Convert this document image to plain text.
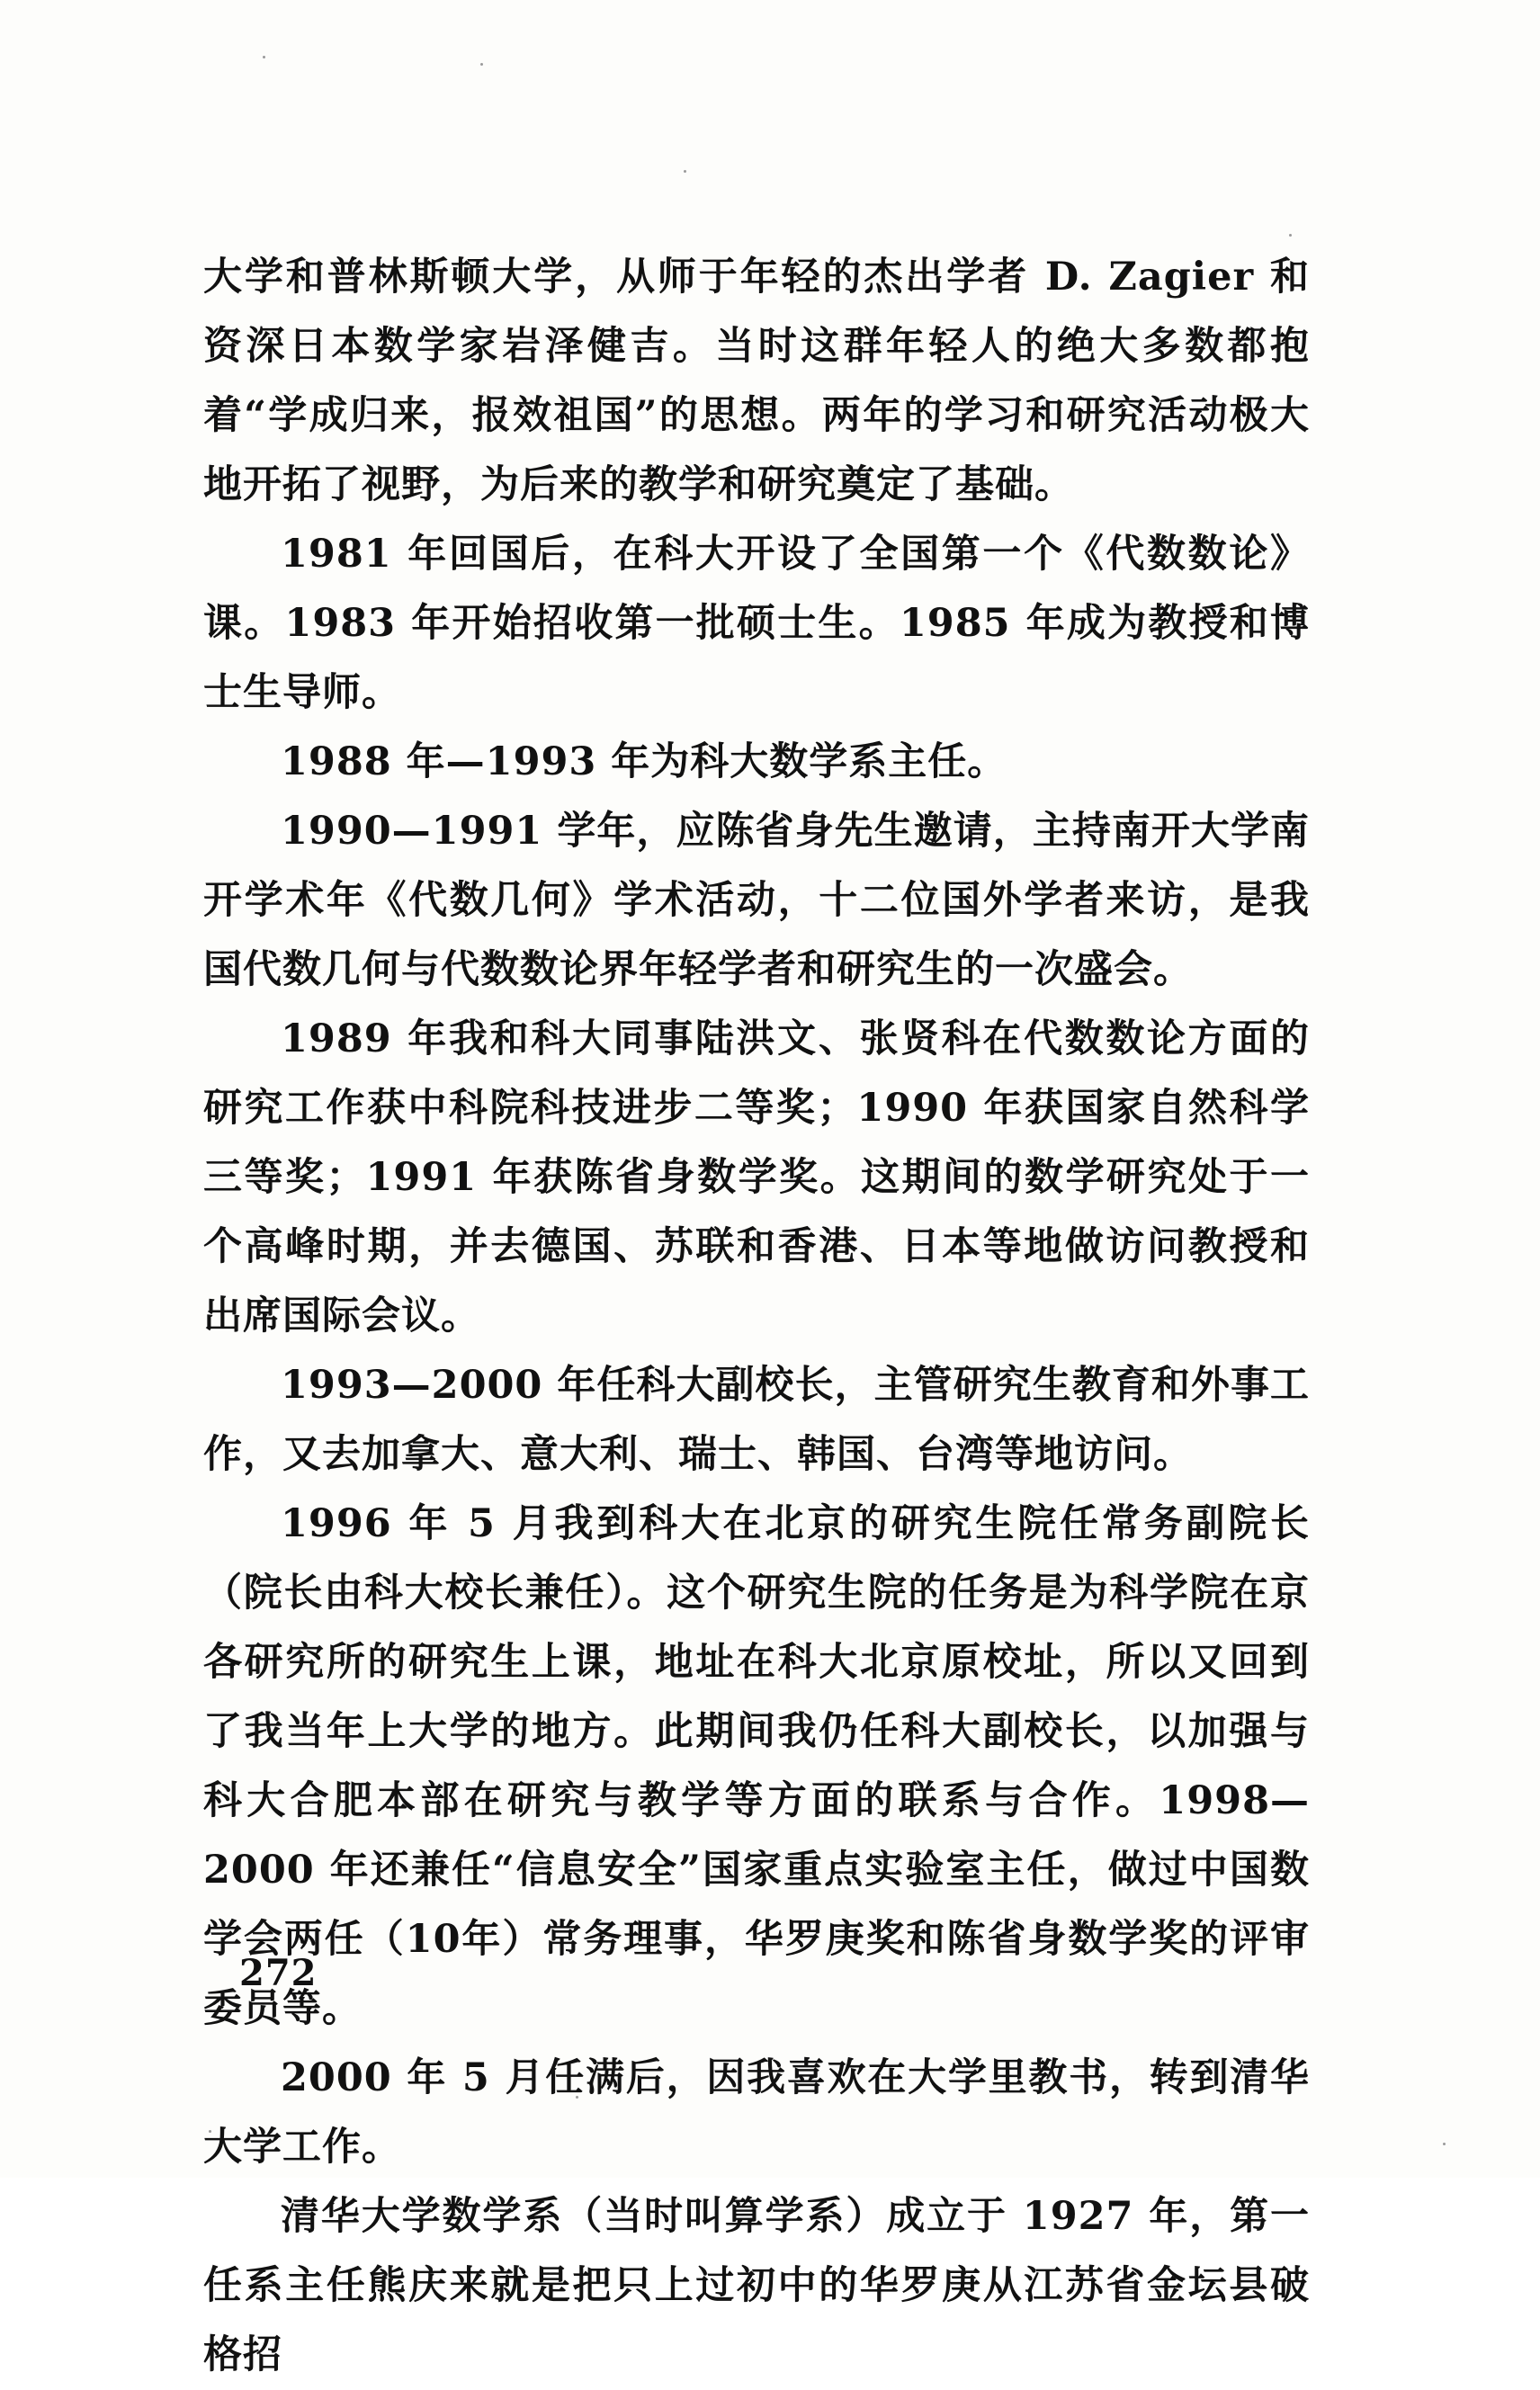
大学和普林斯顿大学，从师于年轻的杰出学者 D. Zagier 和资深日本数学家岩泽健吉。当时这群年轻人的绝大多数都抱着“学成归来，报效祖国”的思想。两年的学习和研究活动极大地开拓了视野，为后来的教学和研究奠定了基础。

1981 年回国后，在科大开设了全国第一个《代数数论》课。1983 年开始招收第一批硕士生。1985 年成为教授和博士生导师。

1988 年—1993 年为科大数学系主任。

1990—1991 学年，应陈省身先生邀请，主持南开大学南开学术年《代数几何》学术活动，十二位国外学者来访，是我国代数几何与代数数论界年轻学者和研究生的一次盛会。

1989 年我和科大同事陆洪文、张贤科在代数数论方面的研究工作获中科院科技进步二等奖；1990 年获国家自然科学三等奖；1991 年获陈省身数学奖。这期间的数学研究处于一个高峰时期，并去德国、苏联和香港、日本等地做访问教授和出席国际会议。

1993—2000 年任科大副校长，主管研究生教育和外事工作，又去加拿大、意大利、瑞士、韩国、台湾等地访问。

1996 年 5 月我到科大在北京的研究生院任常务副院长（院长由科大校长兼任）。这个研究生院的任务是为科学院在京各研究所的研究生上课，地址在科大北京原校址，所以又回到了我当年上大学的地方。此期间我仍任科大副校长，以加强与科大合肥本部在研究与教学等方面的联系与合作。1998—2000 年还兼任“信息安全”国家重点实验室主任，做过中国数学会两任（10年）常务理事，华罗庚奖和陈省身数学奖的评审委员等。

2000 年 5 月任满后，因我喜欢在大学里教书，转到清华大学工作。

清华大学数学系（当时叫算学系）成立于 1927 年，第一任系主任熊庆来就是把只上过初中的华罗庚从江苏省金坛县破格招

272
